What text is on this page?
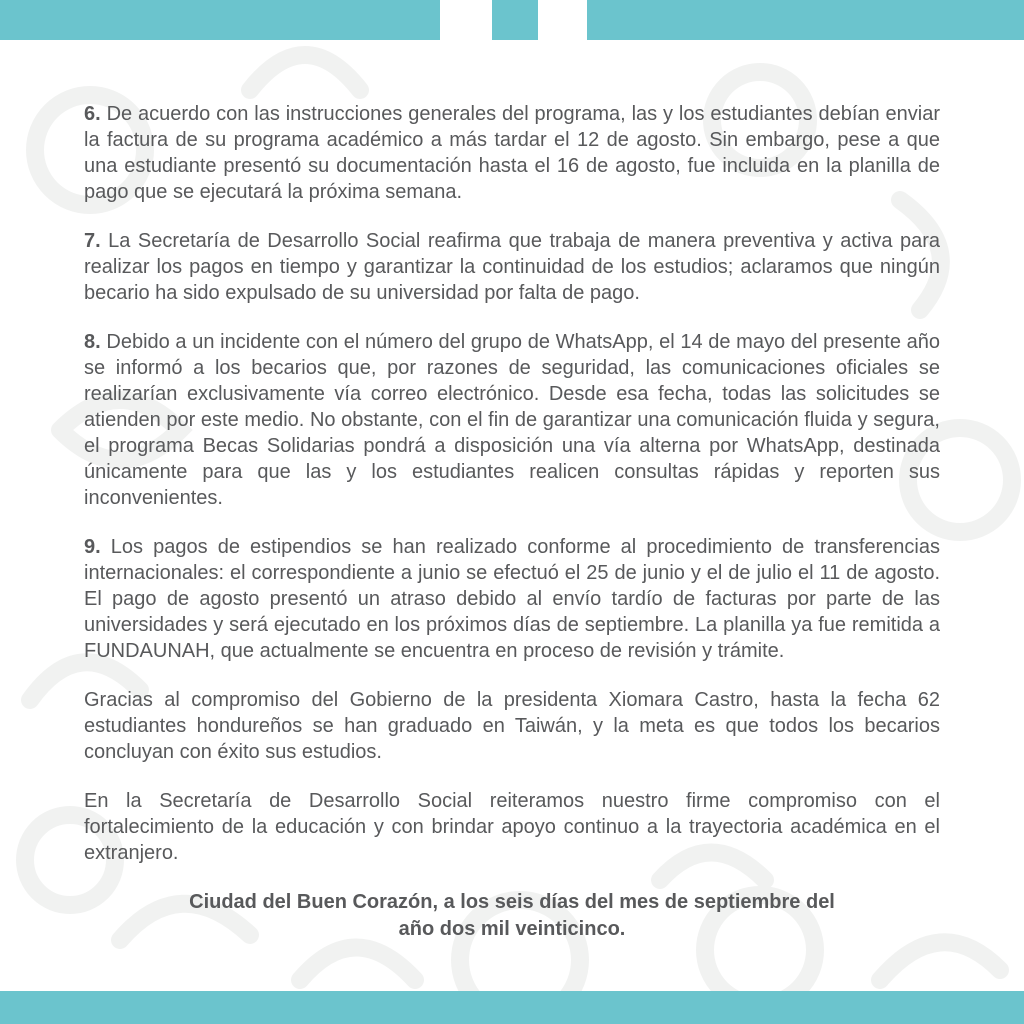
6. De acuerdo con las instrucciones generales del programa, las y los estudiantes debían enviar la factura de su programa académico a más tardar el 12 de agosto. Sin embargo, pese a que una estudiante presentó su documentación hasta el 16 de agosto, fue incluida en la planilla de pago que se ejecutará la próxima semana.

7. La Secretaría de Desarrollo Social reafirma que trabaja de manera preventiva y activa para realizar los pagos en tiempo y garantizar la continuidad de los estudios; aclaramos que ningún becario ha sido expulsado de su universidad por falta de pago.

8. Debido a un incidente con el número del grupo de WhatsApp, el 14 de mayo del presente año se informó a los becarios que, por razones de seguridad, las comunicaciones oficiales se realizarían exclusivamente vía correo electrónico. Desde esa fecha, todas las solicitudes se atienden por este medio. No obstante, con el fin de garantizar una comunicación fluida y segura, el programa Becas Solidarias pondrá a disposición una vía alterna por WhatsApp, destinada únicamente para que las y los estudiantes realicen consultas rápidas y reporten sus inconvenientes.

9. Los pagos de estipendios se han realizado conforme al procedimiento de transferencias internacionales: el correspondiente a junio se efectuó el 25 de junio y el de julio el 11 de agosto. El pago de agosto presentó un atraso debido al envío tardío de facturas por parte de las universidades y será ejecutado en los próximos días de septiembre. La planilla ya fue remitida a FUNDAUNAH, que actualmente se encuentra en proceso de revisión y trámite.

Gracias al compromiso del Gobierno de la presidenta Xiomara Castro, hasta la fecha 62 estudiantes hondureños se han graduado en Taiwán, y la meta es que todos los becarios concluyan con éxito sus estudios.

En la Secretaría de Desarrollo Social reiteramos nuestro firme compromiso con el fortalecimiento de la educación y con brindar apoyo continuo a la trayectoria académica en el extranjero.

Ciudad del Buen Corazón, a los seis días del mes de septiembre del año dos mil veinticinco.
